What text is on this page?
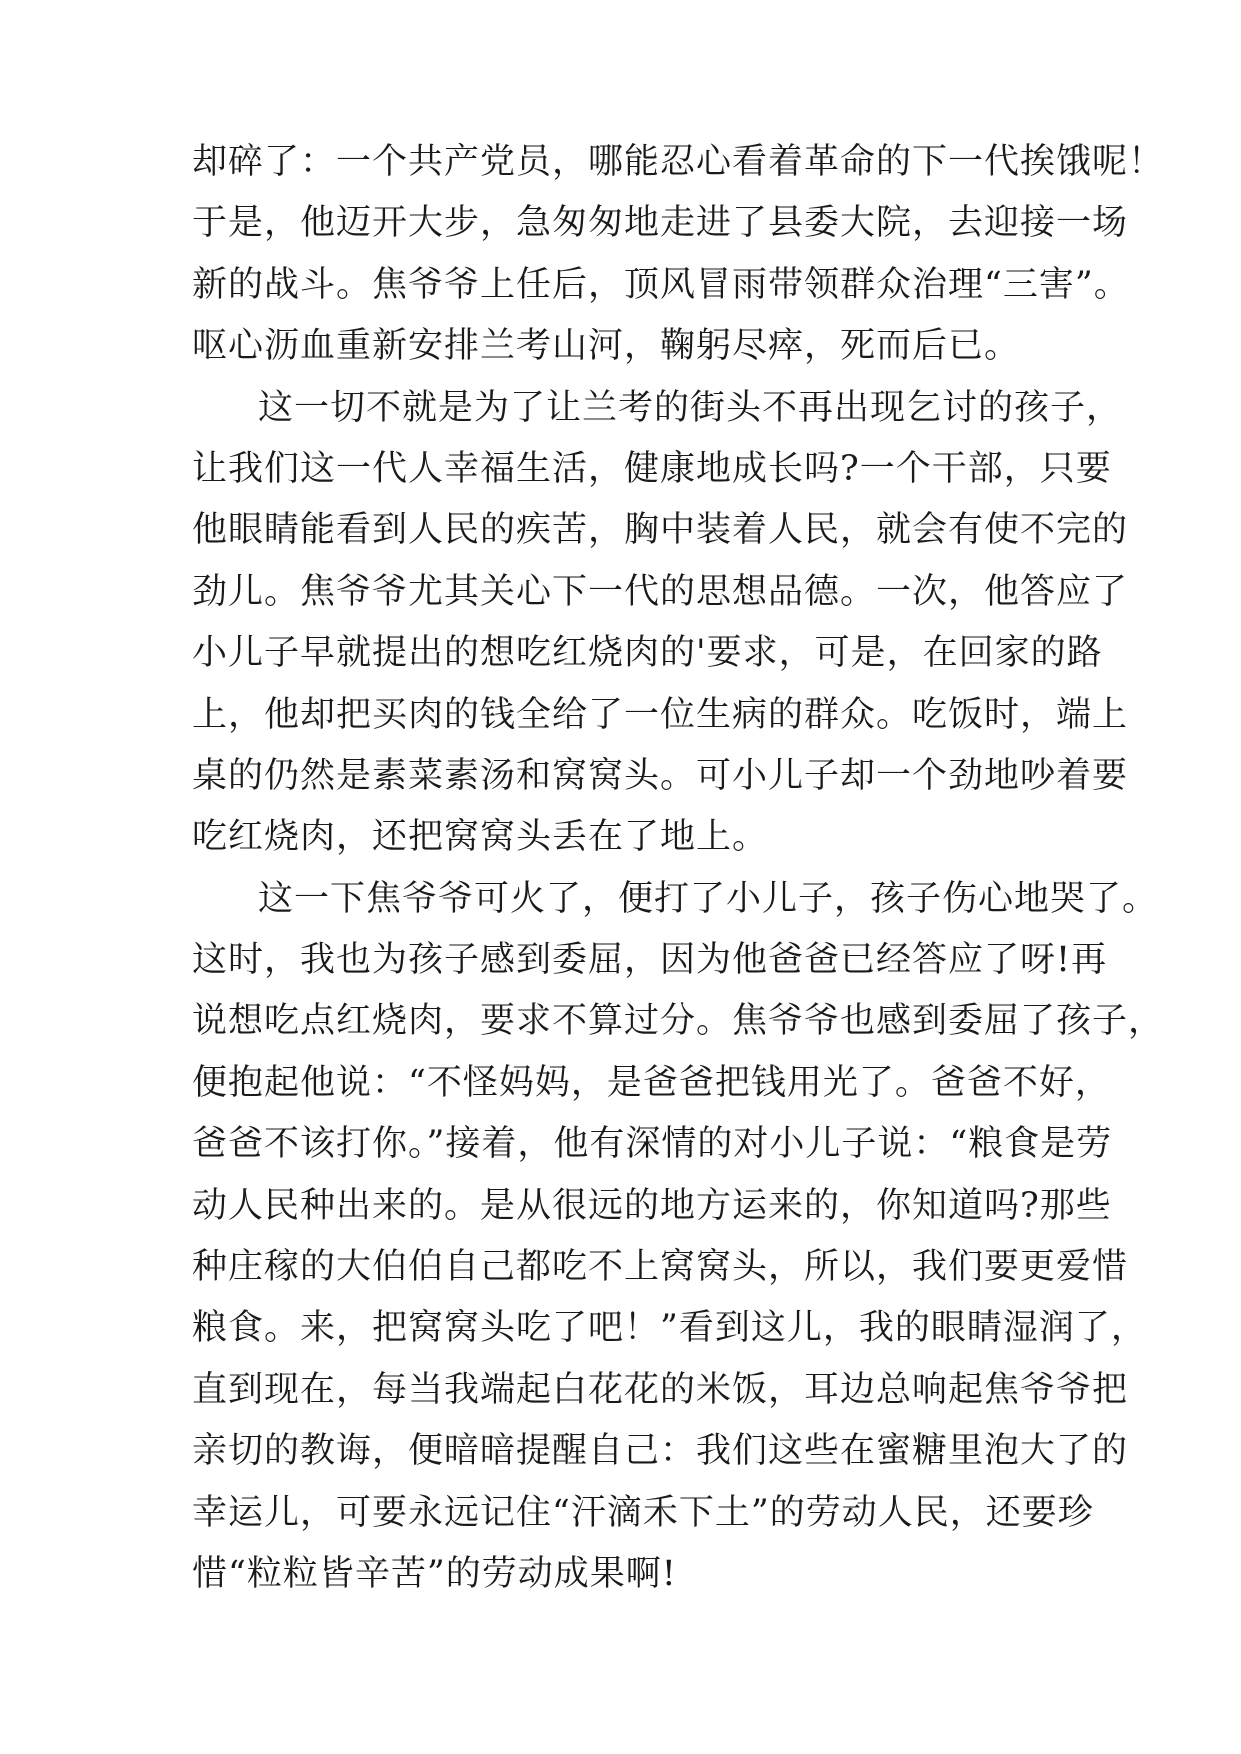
却碎了：一个共产党员，哪能忍心看着革命的下一代挨饿呢！
于是，他迈开大步，急匆匆地走进了县委大院，去迎接一场
新的战斗。焦爷爷上任后，顶风冒雨带领群众治理“三害”。
呕心沥血重新安排兰考山河，鞠躬尽瘁，死而后已。
这一切不就是为了让兰考的街头不再出现乞讨的孩子，
让我们这一代人幸福生活，健康地成长吗?一个干部，只要
他眼睛能看到人民的疾苦，胸中装着人民，就会有使不完的
劲儿。焦爷爷尤其关心下一代的思想品德。一次，他答应了
小儿子早就提出的想吃红烧肉的'要求，可是，在回家的路
上，他却把买肉的钱全给了一位生病的群众。吃饭时，端上
桌的仍然是素菜素汤和窝窝头。可小儿子却一个劲地吵着要
吃红烧肉，还把窝窝头丢在了地上。
这一下焦爷爷可火了，便打了小儿子，孩子伤心地哭了。
这时，我也为孩子感到委屈，因为他爸爸已经答应了呀!再
说想吃点红烧肉，要求不算过分。焦爷爷也感到委屈了孩子，
便抱起他说：“不怪妈妈，是爸爸把钱用光了。爸爸不好，
爸爸不该打你。”接着，他有深情的对小儿子说：“粮食是劳
动人民种出来的。是从很远的地方运来的，你知道吗?那些
种庄稼的大伯伯自己都吃不上窝窝头，所以，我们要更爱惜
粮食。来，把窝窝头吃了吧！”看到这儿，我的眼睛湿润了，
直到现在，每当我端起白花花的米饭，耳边总响起焦爷爷把
亲切的教诲，便暗暗提醒自己：我们这些在蜜糖里泡大了的
幸运儿，可要永远记住“汗滴禾下土”的劳动人民，还要珍
惜“粒粒皆辛苦”的劳动成果啊!
